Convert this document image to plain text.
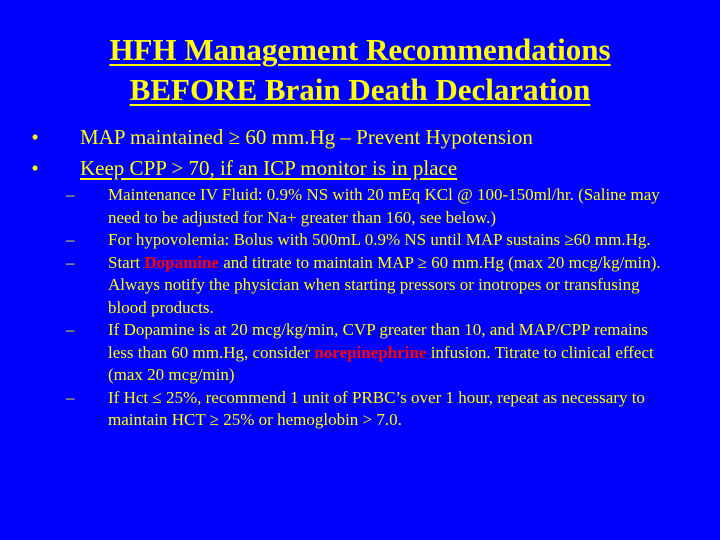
HFH Management Recommendations
BEFORE Brain Death Declaration
• MAP maintained ≥ 60 mm.Hg – Prevent Hypotension
• Keep CPP > 70, if an ICP monitor is in place
– Maintenance IV Fluid: 0.9% NS with 20 mEq KCl @ 100-150ml/hr. (Saline may need to be adjusted for Na+ greater than 160, see below.)
– For hypovolemia: Bolus with 500mL 0.9% NS until MAP sustains ≥60 mm.Hg.
– Start Dopamine and titrate to maintain MAP ≥ 60 mm.Hg (max 20 mcg/kg/min). Always notify the physician when starting pressors or inotropes or transfusing blood products.
– If Dopamine is at 20 mcg/kg/min, CVP greater than 10, and MAP/CPP remains less than 60 mm.Hg, consider norepinephrine infusion. Titrate to clinical effect (max 20 mcg/min)
– If Hct ≤ 25%, recommend 1 unit of PRBC’s over 1 hour, repeat as necessary to maintain HCT ≥ 25% or hemoglobin > 7.0.
